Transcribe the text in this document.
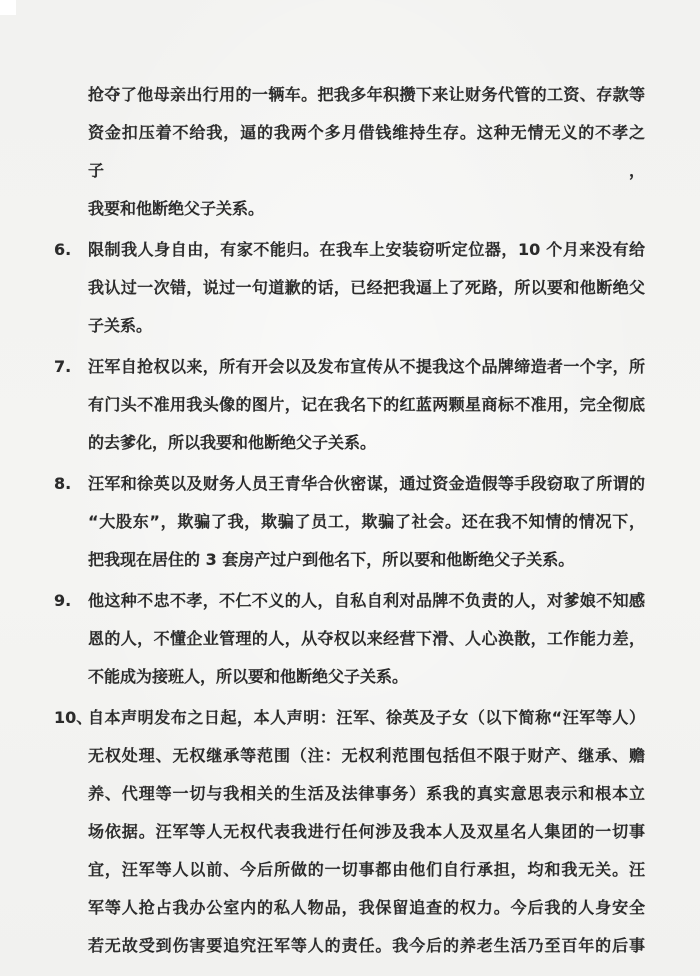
抢夺了他母亲出行用的一辆车。把我多年积攒下来让财务代管的工资、存款等
资金扣压着不给我，逼的我两个多月借钱维持生存。这种无情无义的不孝之子，
我要和他断绝父子关系。
6.	限制我人身自由，有家不能归。在我车上安装窃听定位器，10 个月来没有给
我认过一次错，说过一句道歉的话，已经把我逼上了死路，所以要和他断绝父
子关系。
7.	汪军自抢权以来，所有开会以及发布宣传从不提我这个品牌缔造者一个字，所
有门头不准用我头像的图片，记在我名下的红蓝两颗星商标不准用，完全彻底
的去爹化，所以我要和他断绝父子关系。
8.	汪军和徐英以及财务人员王青华合伙密谋，通过资金造假等手段窃取了所谓的
“大股东”，欺骗了我，欺骗了员工，欺骗了社会。还在我不知情的情况下，
把我现在居住的 3 套房产过户到他名下，所以要和他断绝父子关系。
9.	他这种不忠不孝，不仁不义的人，自私自利对品牌不负责的人，对爹娘不知感
恩的人，不懂企业管理的人，从夺权以来经营下滑、人心涣散，工作能力差，
不能成为接班人，所以要和他断绝父子关系。
10、
自本声明发布之日起，本人声明：汪军、徐英及子女（以下简称“汪军等人）
无权处理、无权继承等范围（注：无权利范围包括但不限于财产、继承、赡
养、代理等一切与我相关的生活及法律事务）系我的真实意思表示和根本立
场依据。汪军等人无权代表我进行任何涉及我本人及双星名人集团的一切事
宜，汪军等人以前、今后所做的一切事都由他们自行承担，均和我无关。汪
军等人抢占我办公室内的私人物品，我保留追查的权力。今后我的人身安全
若无故受到伤害要追究汪军等人的责任。我今后的养老生活乃至百年的后事
